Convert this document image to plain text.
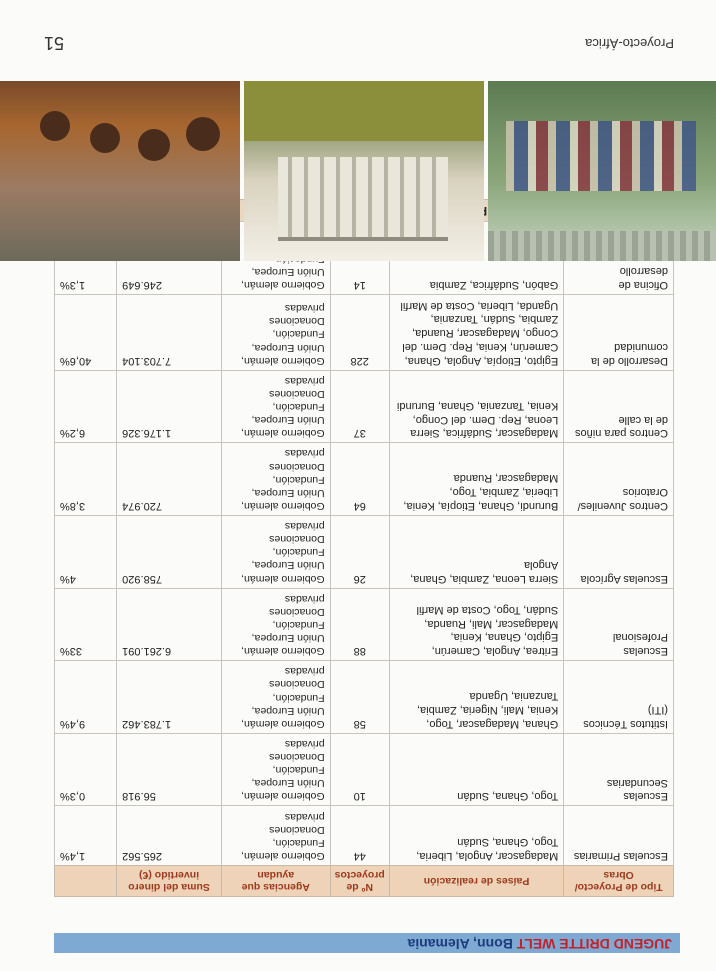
JUGEND DRITTE WELT Bonn, Alemania
Tipo de Proyecto/ Obras	Países de realización	Nº de proyectos	Agencias que ayudan	Suma del dinero invertido (€)	
Escuelas Primarias	Madagascar, Angola, Liberia, Togo, Ghana, Sudán	44	Gobierno alemán,
Fundación,
Donaciones privadas	265.562	1,4%
Escuelas Secundarias	Togo, Ghana, Sudán	10	Gobierno alemán,
Unión Europea,
Fundación,
Donaciones privadas	56.918	0,3%
Istitutos Técnicos (ITI)	Ghana, Madagascar, Togo, Kenia, Mali, Nigeria, Zambia, Tanzania, Uganda	58	Gobierno alemán,
Unión Europea,
Fundación,
Donaciones privadas	1.783.462	9,4%
Escuelas Profesional	Eritrea, Angola, Camerún, Egipto, Ghana, Kenia, Madagascar, Mali, Ruanda, Sudán, Togo, Costa de Marfil	88	Gobierno alemán,
Unión Europea,
Fundación,
Donaciones privadas	6.261.091	33%
Escuelas Agrícola	Sierra Leona, Zambia, Ghana, Angola	26	Gobierno alemán,
Unión Europea,
Fundación,
Donaciones privadas	758.920	4%
Centros Juveniles/ Oratorios	Burundi, Ghana, Etiopía, Kenia, Liberia, Zambia, Togo, Madagascar, Ruanda	64	Gobierno alemán,
Unión Europea,
Fundación,
Donaciones privadas	720.974	3,8%
Centros para niños de la calle	Madagascar, Sudáfrica, Sierra Leona, Rep. Dem. del Congo, Kenia, Tanzania, Ghana, Burundi	37	Gobierno alemán,
Unión Europea,
Fundación,
Donaciones privadas	1.176.326	6,2%
Desarrollo de la comunidad	Egipto, Etiopía, Angola, Ghana, Camerún, Kenia, Rep. Dem. del Congo, Madagascar, Ruanda, Zambia, Sudán, Tanzania, Uganda, Liberia, Costa de Marfil	228	Gobierno alemán,
Unión Europea,
Fundación,
Donaciones privadas	7.703.104	40,6%
Oficina de desarrollo	Gabón, Sudáfrica, Zambia	14	Gobierno alemán,
Unión Europea,	246.649	1,3%

Proyecto-África
51
